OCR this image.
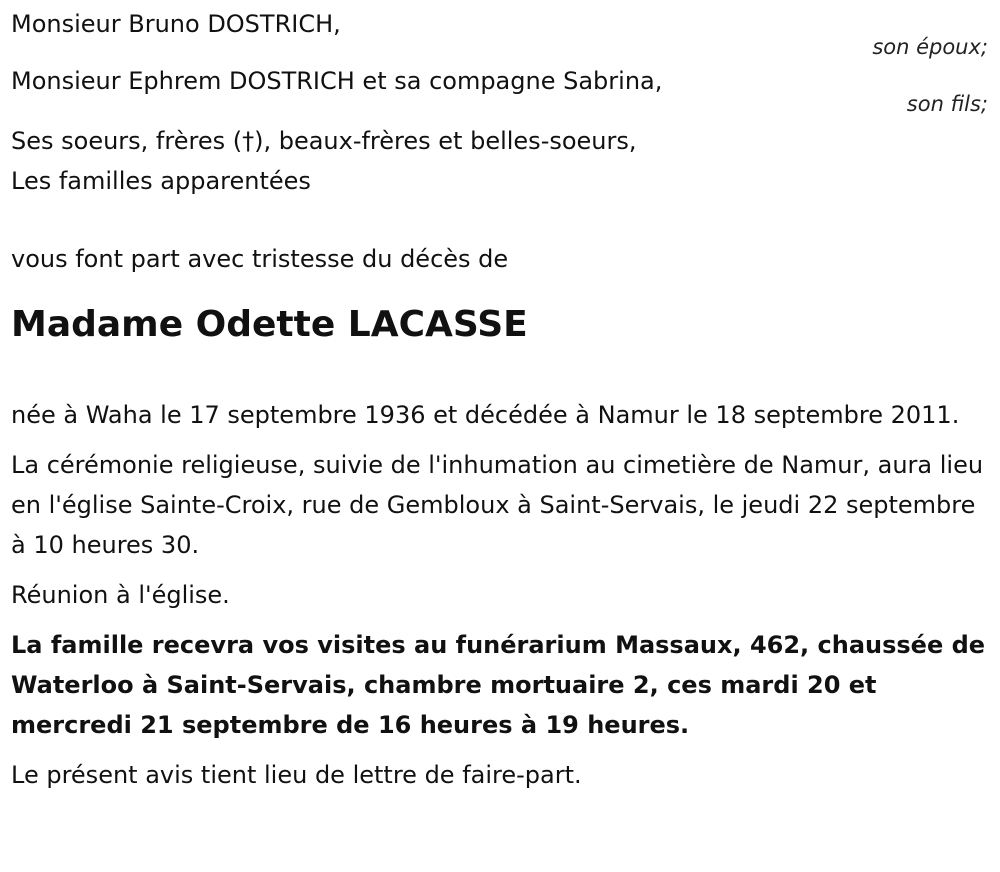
Monsieur Bruno DOSTRICH,

son époux;

Monsieur Ephrem DOSTRICH et sa compagne Sabrina,

son fils;

Ses soeurs, frères (†), beaux-frères et belles-soeurs,

Les familles apparentées

vous font part avec tristesse du décès de

Madame Odette LACASSE

née à Waha le 17 septembre 1936 et décédée à Namur le 18 septembre 2011.

La cérémonie religieuse, suivie de l'inhumation au cimetière de Namur, aura lieu en l'église Sainte-Croix, rue de Gembloux à Saint-Servais, le jeudi 22 septembre à 10 heures 30.

Réunion à l'église.

La famille recevra vos visites au funérarium Massaux, 462, chaussée de Waterloo à Saint-Servais, chambre mortuaire 2, ces mardi 20 et mercredi 21 septembre de 16 heures à 19 heures.

Le présent avis tient lieu de lettre de faire-part.
